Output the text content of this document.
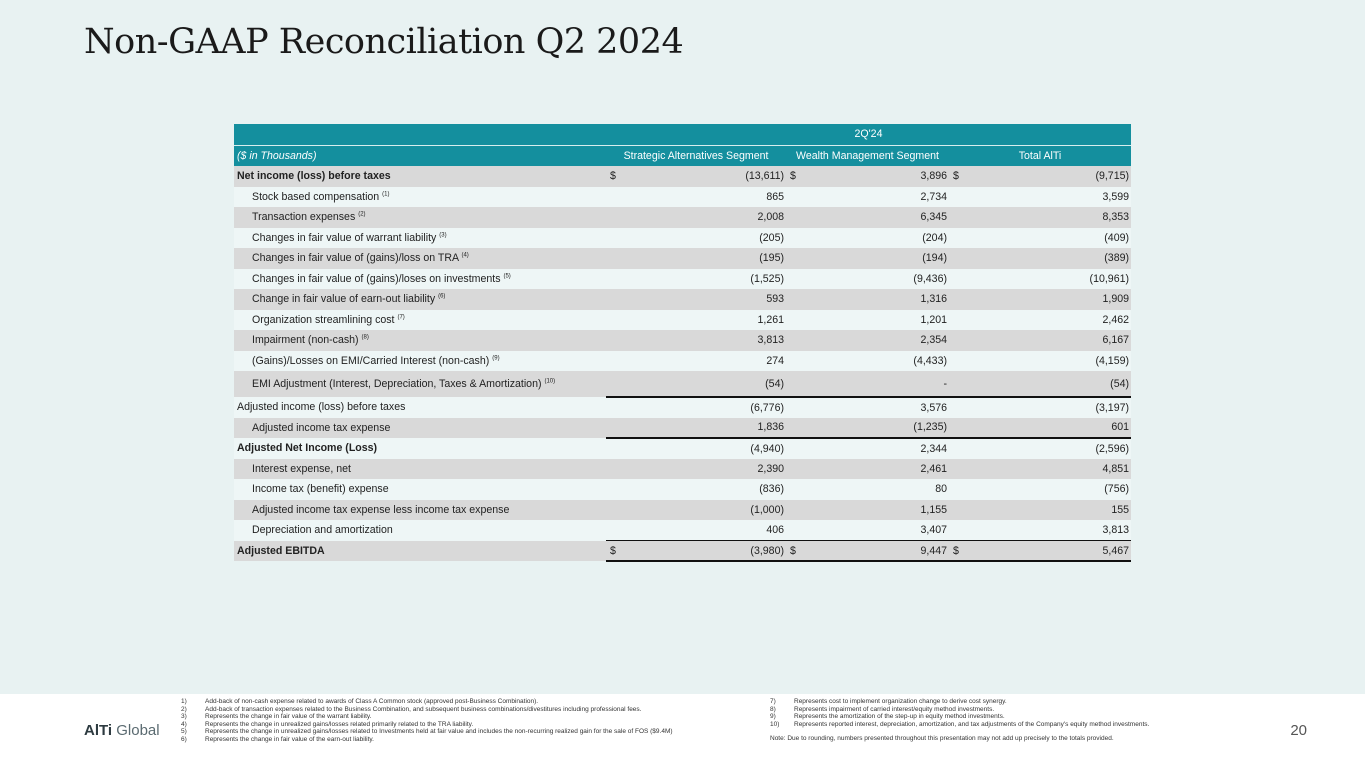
Non-GAAP Reconciliation Q2 2024
	2Q'24					
($ in Thousands)	Strategic Alternatives Segment		Wealth Management Segment		Total AlTi	
Net income (loss) before taxes	$	(13,611)	$	3,896	$	(9,715)
Stock based compensation $^{(1)}$		865		2,734		3,599
Transaction expenses $^{(2)}$		2,008		6,345		8,353
Changes in fair value of warrant liability $^{(3)}$		(205)		(204)		(409)
Changes in fair value of (gains)/loss on TRA $^{(4)}$		(195)		(194)		(389)
Changes in fair value of (gains)/loses on investments $^{(5)}$		(1,525)		(9,436)		(10,961)
Change in fair value of earn-out liability $^{(6)}$		593		1,316		1,909
Organization streamlining cost $^{(7)}$		1,261		1,201		2,462
Impairment (non-cash) $^{(8)}$		3,813		2,354		6,167
(Gains)/Losses on EMI/Carried Interest (non-cash) $^{(9)}$		274		(4,433)		(4,159)
EMI Adjustment (Interest, Depreciation, Taxes & Amortization) $^{(10)}$		(54)		-		(54)
Adjusted income (loss) before taxes		(6,776)		3,576		(3,197)
Adjusted income tax expense		1,836		(1,235)		601
Adjusted Net Income (Loss)		(4,940)		2,344		(2,596)
Interest expense, net		2,390		2,461		4,851
Income tax (benefit) expense		(836)		80		(756)
Adjusted income tax expense less income tax expense		(1,000)		1,155		155
Depreciation and amortization		406		3,407		3,813
Adjusted EBITDA	$	(3,980)	$	9,447	$	5,467
AlTi Global
1)	Add-back of non-cash expense related to awards of Class A Common stock (approved post-Business Combination).
2)	Add-back of transaction expenses related to the Business Combination, and subsequent business combinations/divestitures including professional fees.
3)	Represents the change in fair value of the warrant liability.
4)	Represents the change in unrealized gains/losses related primarily related to the TRA liability.
5)	Represents the change in unrealized gains/losses related to Investments held at fair value and includes the non-recurring realized gain for the sale of FOS ($9.4M)
6)	Represents the change in fair value of the earn-out liability.
7)	Represents cost to implement organization change to derive cost synergy.
8)	Represents impairment of carried interest/equity method investments.
9)	Represents the amortization of the step-up in equity method investments.
10) Represents reported interest, depreciation, amortization, and tax adjustments of the Company's equity method investments.
Note: Due to rounding, numbers presented throughout this presentation may not add up precisely to the totals provided.	20
